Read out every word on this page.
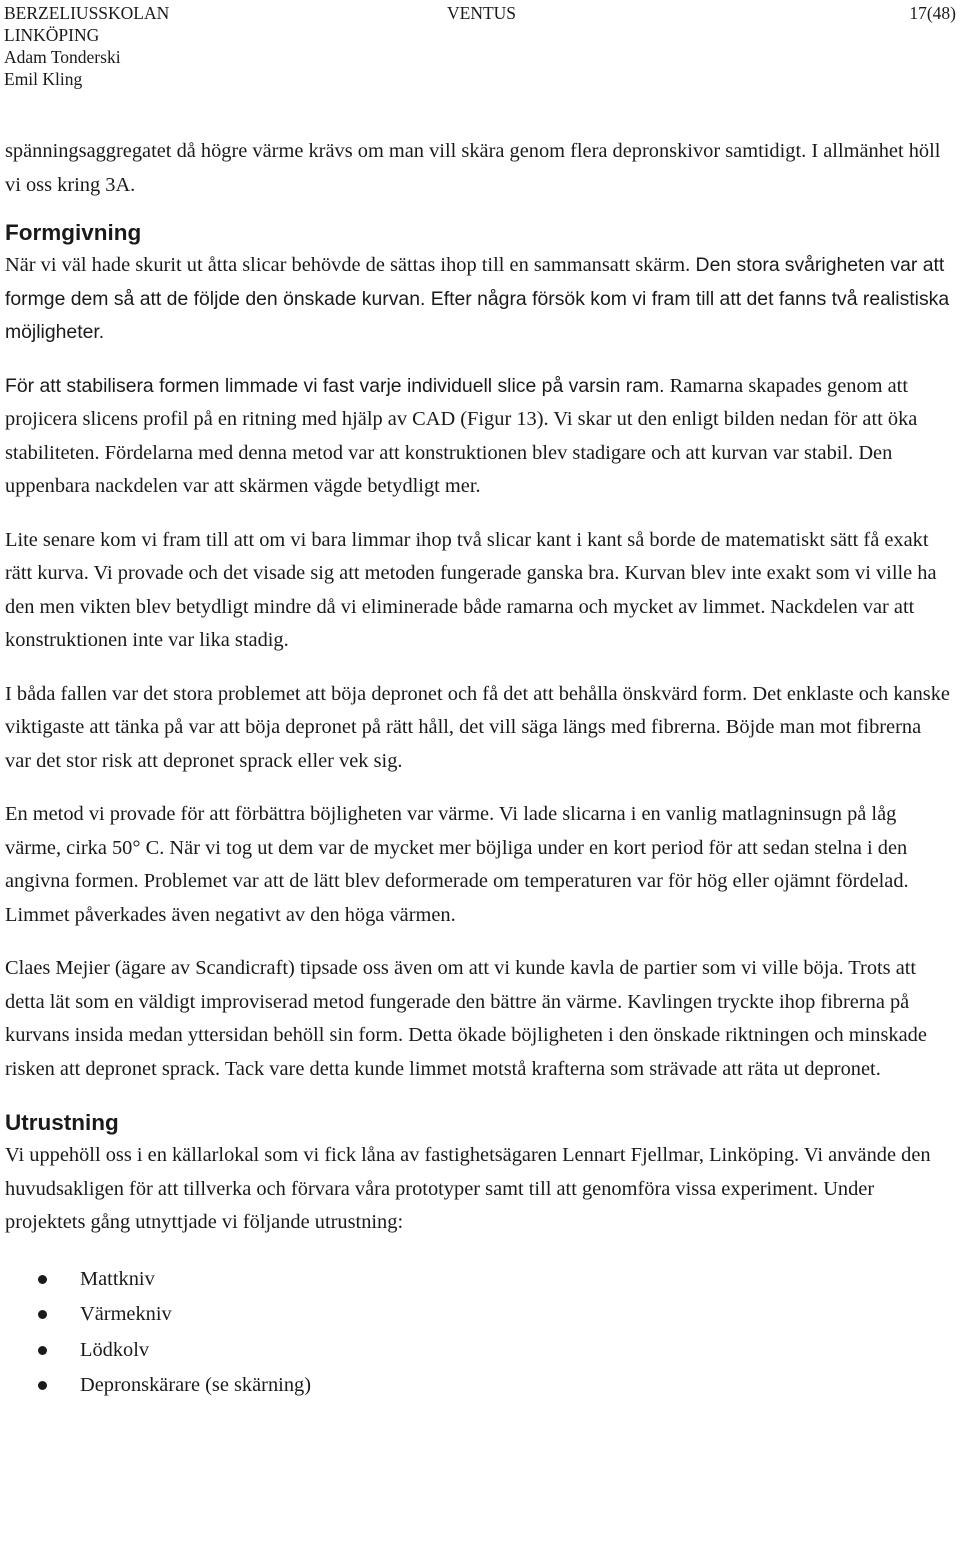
BERZELIUSSKOLAN
LINKÖPING
Adam Tonderski
Emil Kling
VENTUS	17(48)

spänningsaggregatet då högre värme krävs om man vill skära genom flera depronskivor samtidigt. I allmänhet höll vi oss kring 3A.

Formgivning

När vi väl hade skurit ut åtta slicar behövde de sättas ihop till en sammansatt skärm. Den stora svårigheten var att formge dem så att de följde den önskade kurvan. Efter några försök kom vi fram till att det fanns två realistiska möjligheter.

För att stabilisera formen limmade vi fast varje individuell slice på varsin ram. Ramarna skapades genom att projicera slicens profil på en ritning med hjälp av CAD (Figur 13). Vi skar ut den enligt bilden nedan för att öka stabiliteten. Fördelarna med denna metod var att konstruktionen blev stadigare och att kurvan var stabil. Den uppenbara nackdelen var att skärmen vägde betydligt mer.

Lite senare kom vi fram till att om vi bara limmar ihop två slicar kant i kant så borde de matematiskt sätt få exakt rätt kurva. Vi provade och det visade sig att metoden fungerade ganska bra. Kurvan blev inte exakt som vi ville ha den men vikten blev betydligt mindre då vi eliminerade både ramarna och mycket av limmet. Nackdelen var att konstruktionen inte var lika stadig.

I båda fallen var det stora problemet att böja depronet och få det att behålla önskvärd form. Det enklaste och kanske viktigaste att tänka på var att böja depronet på rätt håll, det vill säga längs med fibrerna. Böjde man mot fibrerna var det stor risk att depronet sprack eller vek sig.

En metod vi provade för att förbättra böjligheten var värme. Vi lade slicarna i en vanlig matlagninsugn på låg värme, cirka 50° C. När vi tog ut dem var de mycket mer böjliga under en kort period för att sedan stelna i den angivna formen. Problemet var att de lätt blev deformerade om temperaturen var för hög eller ojämnt fördelad. Limmet påverkades även negativt av den höga värmen.

Claes Mejier (ägare av Scandicraft) tipsade oss även om att vi kunde kavla de partier som vi ville böja. Trots att detta lät som en väldigt improviserad metod fungerade den bättre än värme. Kavlingen tryckte ihop fibrerna på kurvans insida medan yttersidan behöll sin form. Detta ökade böjligheten i den önskade riktningen och minskade risken att depronet sprack. Tack vare detta kunde limmet motstå krafterna som strävade att räta ut depronet.

Utrustning

Vi uppehöll oss i en källarlokal som vi fick låna av fastighetsägaren Lennart Fjellmar, Linköping. Vi använde den huvudsakligen för att tillverka och förvara våra prototyper samt till att genomföra vissa experiment. Under projektets gång utnyttjade vi följande utrustning:

Mattkniv
Värmekniv
Lödkolv
Depronskärare (se skärning)
